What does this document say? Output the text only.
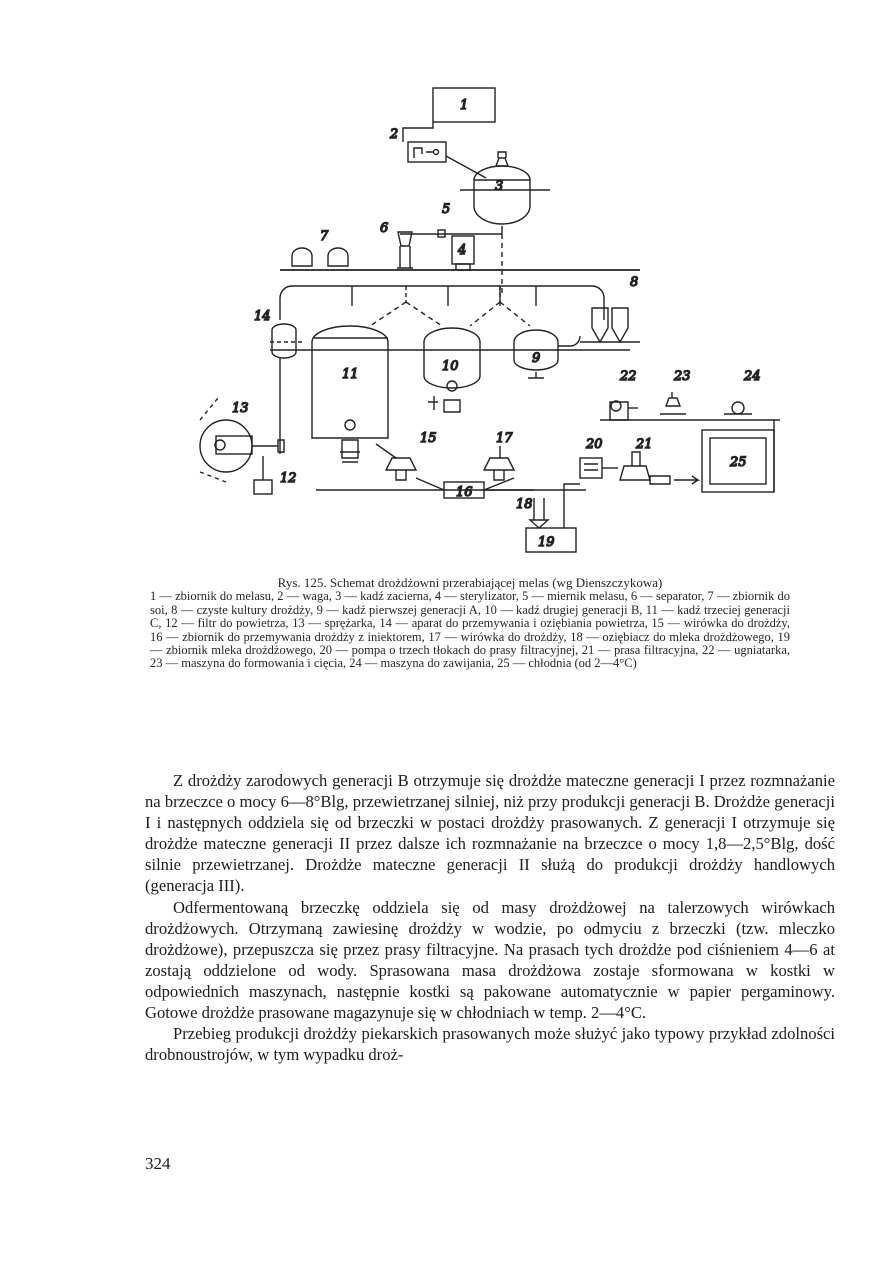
1
2
3
4
5
6
7
8
9
10
11
12
13
14
15
16
17
18
19
20	21
22	23	24
25
Rys. 125. Schemat drożdżowni przerabiającej melas (wg Dienszczykowa)
1 — zbiornik do melasu, 2 — waga, 3 — kadź zacierna, 4 — sterylizator, 5 — miernik melasu, 6 — separator, 7 — zbiornik do soi, 8 — czyste kultury drożdży, 9 — kadź pierwszej generacji A, 10 — kadź drugiej generacji B, 11 — kadź trzeciej generacji C, 12 — filtr do powietrza, 13 — sprężarka, 14 — aparat do przemywania i oziębiania powietrza, 15 — wirówka do drożdży, 16 — zbiornik do przemywania drożdży z iniektorem, 17 — wirówka do drożdży, 18 — oziębiacz do mleka drożdżowego, 19 — zbiornik mleka drożdżowego, 20 — pompa o trzech tłokach do prasy filtracyjnej, 21 — prasa filtracyjna, 22 — ugniatarka, 23 — maszyna do formowania i cięcia, 24 — maszyna do zawijania, 25 — chłodnia (od 2—4°C)

Z drożdży zarodowych generacji B otrzymuje się drożdże mateczne generacji I przez rozmnażanie na brzeczce o mocy 6—8°Blg, przewietrzanej silniej, niż przy produkcji generacji B. Drożdże generacji I i następnych oddziela się od brzeczki w postaci drożdży prasowanych. Z generacji I otrzymuje się drożdże mateczne generacji II przez dalsze ich rozmnażanie na brzeczce o mocy 1,8—2,5°Blg, dość silnie przewietrzanej. Drożdże mateczne generacji II służą do produkcji drożdży handlowych (generacja III).

Odfermentowaną brzeczkę oddziela się od masy drożdżowej na talerzowych wirówkach drożdżowych. Otrzymaną zawiesinę drożdży w wodzie, po odmyciu z brzeczki (tzw. mleczko drożdżowe), przepuszcza się przez prasy filtracyjne. Na prasach tych drożdże pod ciśnieniem 4—6 at zostają oddzielone od wody. Sprasowana masa drożdżowa zostaje sformowana w kostki w odpowiednich maszynach, następnie kostki są pakowane automatycznie w papier pergaminowy. Gotowe drożdże prasowane magazynuje się w chłodniach w temp. 2—4°C.

Przebieg produkcji drożdży piekarskich prasowanych może służyć jako typowy przykład zdolności drobnoustrojów, w tym wypadku droż-

324
